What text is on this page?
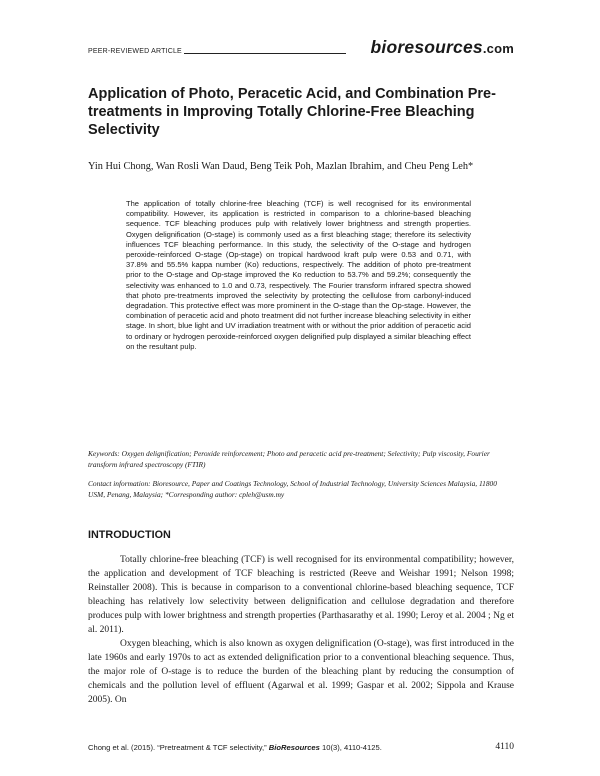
PEER-REVIEWED ARTICLE	bioresources.com
Application of Photo, Peracetic Acid, and Combination Pre-treatments in Improving Totally Chlorine-Free Bleaching Selectivity
Yin Hui Chong, Wan Rosli Wan Daud, Beng Teik Poh, Mazlan Ibrahim, and Cheu Peng Leh*
The application of totally chlorine-free bleaching (TCF) is well recognised for its environmental compatibility. However, its application is restricted in comparison to a chlorine-based bleaching sequence. TCF bleaching produces pulp with relatively lower brightness and strength properties. Oxygen delignification (O-stage) is commonly used as a first bleaching stage; therefore its selectivity influences TCF bleaching performance. In this study, the selectivity of the O-stage and hydrogen peroxide-reinforced O-stage (Op-stage) on tropical hardwood kraft pulp were 0.53 and 0.71, with 37.8% and 55.5% kappa number (Ko) reductions, respectively. The addition of photo pre-treatment prior to the O-stage and Op-stage improved the Ko reduction to 53.7% and 59.2%; consequently the selectivity was enhanced to 1.0 and 0.73, respectively. The Fourier transform infrared spectra showed that photo pre-treatments improved the selectivity by protecting the cellulose from carbonyl-induced degradation. This protective effect was more prominent in the O-stage than the Op-stage. However, the combination of peracetic acid and photo treatment did not further increase bleaching selectivity in either stage. In short, blue light and UV irradiation treatment with or without the prior addition of peracetic acid to ordinary or hydrogen peroxide-reinforced oxygen delignified pulp displayed a similar bleaching effect on the resultant pulp.
Keywords: Oxygen delignification; Peroxide reinforcement; Photo and peracetic acid pre-treatment; Selectivity; Pulp viscosity, Fourier transform infrared spectroscopy (FTIR)
Contact information: Bioresource, Paper and Coatings Technology, School of Industrial Technology, University Sciences Malaysia, 11800 USM, Penang, Malaysia; *Corresponding author: cpleh@usm.my
INTRODUCTION

Totally chlorine-free bleaching (TCF) is well recognised for its environmental compatibility; however, the application and development of TCF bleaching is restricted (Reeve and Weishar 1991; Nelson 1998; Reinstaller 2008). This is because in comparison to a conventional chlorine-based bleaching sequence, TCF bleaching has relatively low selectivity between delignification and cellulose degradation and therefore produces pulp with lower brightness and strength properties (Parthasarathy et al. 1990; Leroy et al. 2004 ; Ng et al. 2011).

Oxygen bleaching, which is also known as oxygen delignification (O-stage), was first introduced in the late 1960s and early 1970s to act as extended delignification prior to a conventional bleaching sequence. Thus, the major role of O-stage is to reduce the burden of the bleaching plant by reducing the consumption of chemicals and the pollution level of effluent (Agarwal et al. 1999; Gaspar et al. 2002; Sippola and Krause 2005). On

Chong et al. (2015). “Pretreatment & TCF selectivity,” BioResources 10(3), 4110-4125.	4110
